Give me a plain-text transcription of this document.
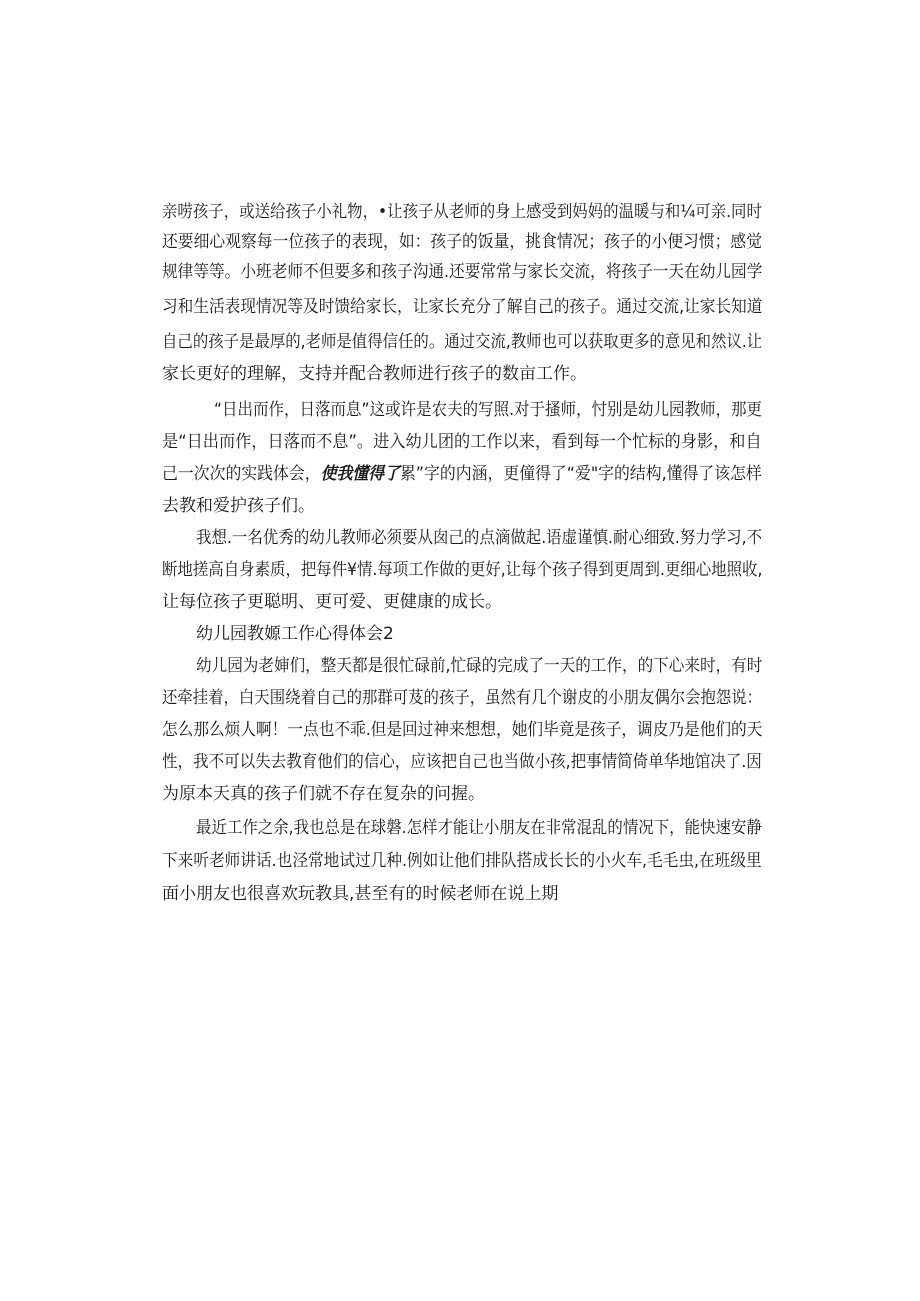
亲唠孩子，或送给孩子小礼物，•让孩子从老师的身上感受到妈妈的温暖与和¼可亲.同时
还要细心观察每一位孩子的表现，如：孩子的饭量，挑食情况；孩子的小便习惯；感觉
规律等等。小班老师不但要多和孩子沟通.还要常常与家长交流，将孩子一天在幼儿园学
习和生活表现情况等及时馈给家长，让家长充分了解自己的孩子。通过交流,让家长知道
自己的孩子是最厚的,老师是值得信任的。通过交流,教师也可以获取更多的意见和然议.让
家长更好的理解，支持并配合教师进行孩子的数亩工作。
“日出而作，日落而息”这或许是农夫的写照.对于搔师，忖别是幼儿园教师，那更
是“日出而作，日落而不息”。进入幼儿团的工作以来，看到每一个忙标的身影，和自
己一次次的实践体会，使我懂得了累”字的内涵，更僮得了“爱"字的结构,懂得了该怎样
去教和爱护孩子们。
我想.一名优秀的幼儿教师必须要从囱己的点滴做起.语虚谨慎.耐心细致.努力学习,不
断地搓高自身素质，把每件¥情.每项工作做的更好,让每个孩子得到更周到.更细心地照收,
让每位孩子更聪明、更可爱、更健康的成长。
幼儿园教嫄工作心得体会2
幼儿园为老婶们，整天都是很忙碌前,忙碌的完成了一天的工作，的下心来时，有时
还牵挂着，白天围绕着自己的那群可芨的孩子，虽然有几个谢皮的小朋友偶尔会抱怨说：
怎么那么烦人啊！一点也不乖.但是回过神来想想，她们毕竟是孩子，调皮乃是他们的天
性，我不可以失去教育他们的信心，应该把自己也当做小孩,把事情简倚单华地馆决了.因
为原本天真的孩子们就不存在复杂的问握。
最近工作之余,我也总是在球磐.怎样才能让小朋友在非常混乱的情况下，能快速安静
下来听老师讲话.也泾常地试过几种.例如让他们排队搭成长长的小火车,毛毛虫,在班级里
面小朋友也很喜欢玩教具,甚至有的时候老师在说上期
